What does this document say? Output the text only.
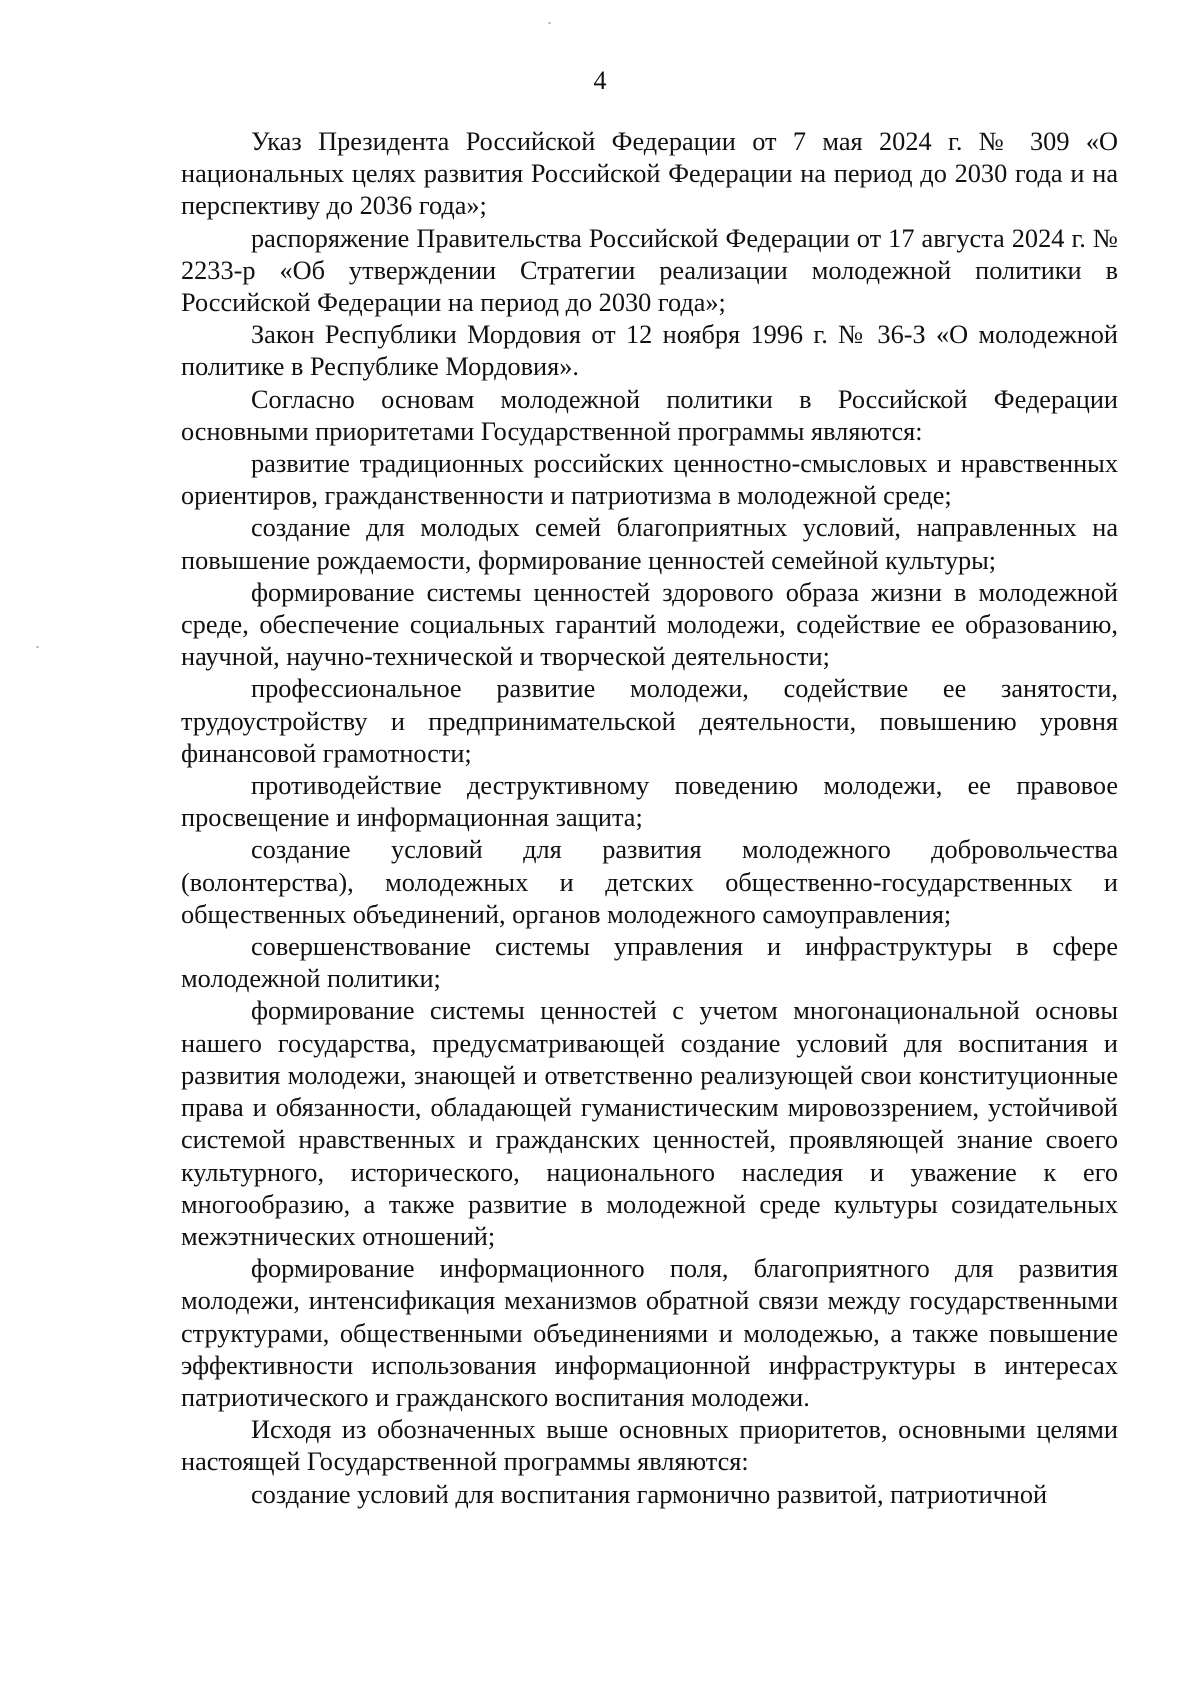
4

Указ Президента Российской Федерации от 7 мая 2024 г. № 309 «О национальных целях развития Российской Федерации на период до 2030 года и на перспективу до 2036 года»;

распоряжение Правительства Российской Федерации от 17 августа 2024 г. № 2233-р «Об утверждении Стратегии реализации молодежной политики в Российской Федерации на период до 2030 года»;

Закон Республики Мордовия от 12 ноября 1996 г. № 36-З «О молодежной политике в Республике Мордовия».

Согласно основам молодежной политики в Российской Федерации основными приоритетами Государственной программы являются:

развитие традиционных российских ценностно-смысловых и нравственных ориентиров, гражданственности и патриотизма в молодежной среде;

создание для молодых семей благоприятных условий, направленных на повышение рождаемости, формирование ценностей семейной культуры;

формирование системы ценностей здорового образа жизни в молодежной среде, обеспечение социальных гарантий молодежи, содействие ее образованию, научной, научно-технической и творческой деятельности;

профессиональное развитие молодежи, содействие ее занятости, трудоустройству и предпринимательской деятельности, повышению уровня финансовой грамотности;

противодействие деструктивному поведению молодежи, ее правовое просвещение и информационная защита;

создание условий для развития молодежного добровольчества (волонтерства), молодежных и детских общественно-государственных и общественных объединений, органов молодежного самоуправления;

совершенствование системы управления и инфраструктуры в сфере молодежной политики;

формирование системы ценностей с учетом многонациональной основы нашего государства, предусматривающей создание условий для воспитания и развития молодежи, знающей и ответственно реализующей свои конституционные права и обязанности, обладающей гуманистическим мировоззрением, устойчивой системой нравственных и гражданских ценностей, проявляющей знание своего культурного, исторического, национального наследия и уважение к его многообразию, а также развитие в молодежной среде культуры созидательных межэтнических отношений;

формирование информационного поля, благоприятного для развития молодежи, интенсификация механизмов обратной связи между государственными структурами, общественными объединениями и молодежью, а также повышение эффективности использования информационной инфраструктуры в интересах патриотического и гражданского воспитания молодежи.

Исходя из обозначенных выше основных приоритетов, основными целями настоящей Государственной программы являются:

создание условий для воспитания гармонично развитой, патриотичной
